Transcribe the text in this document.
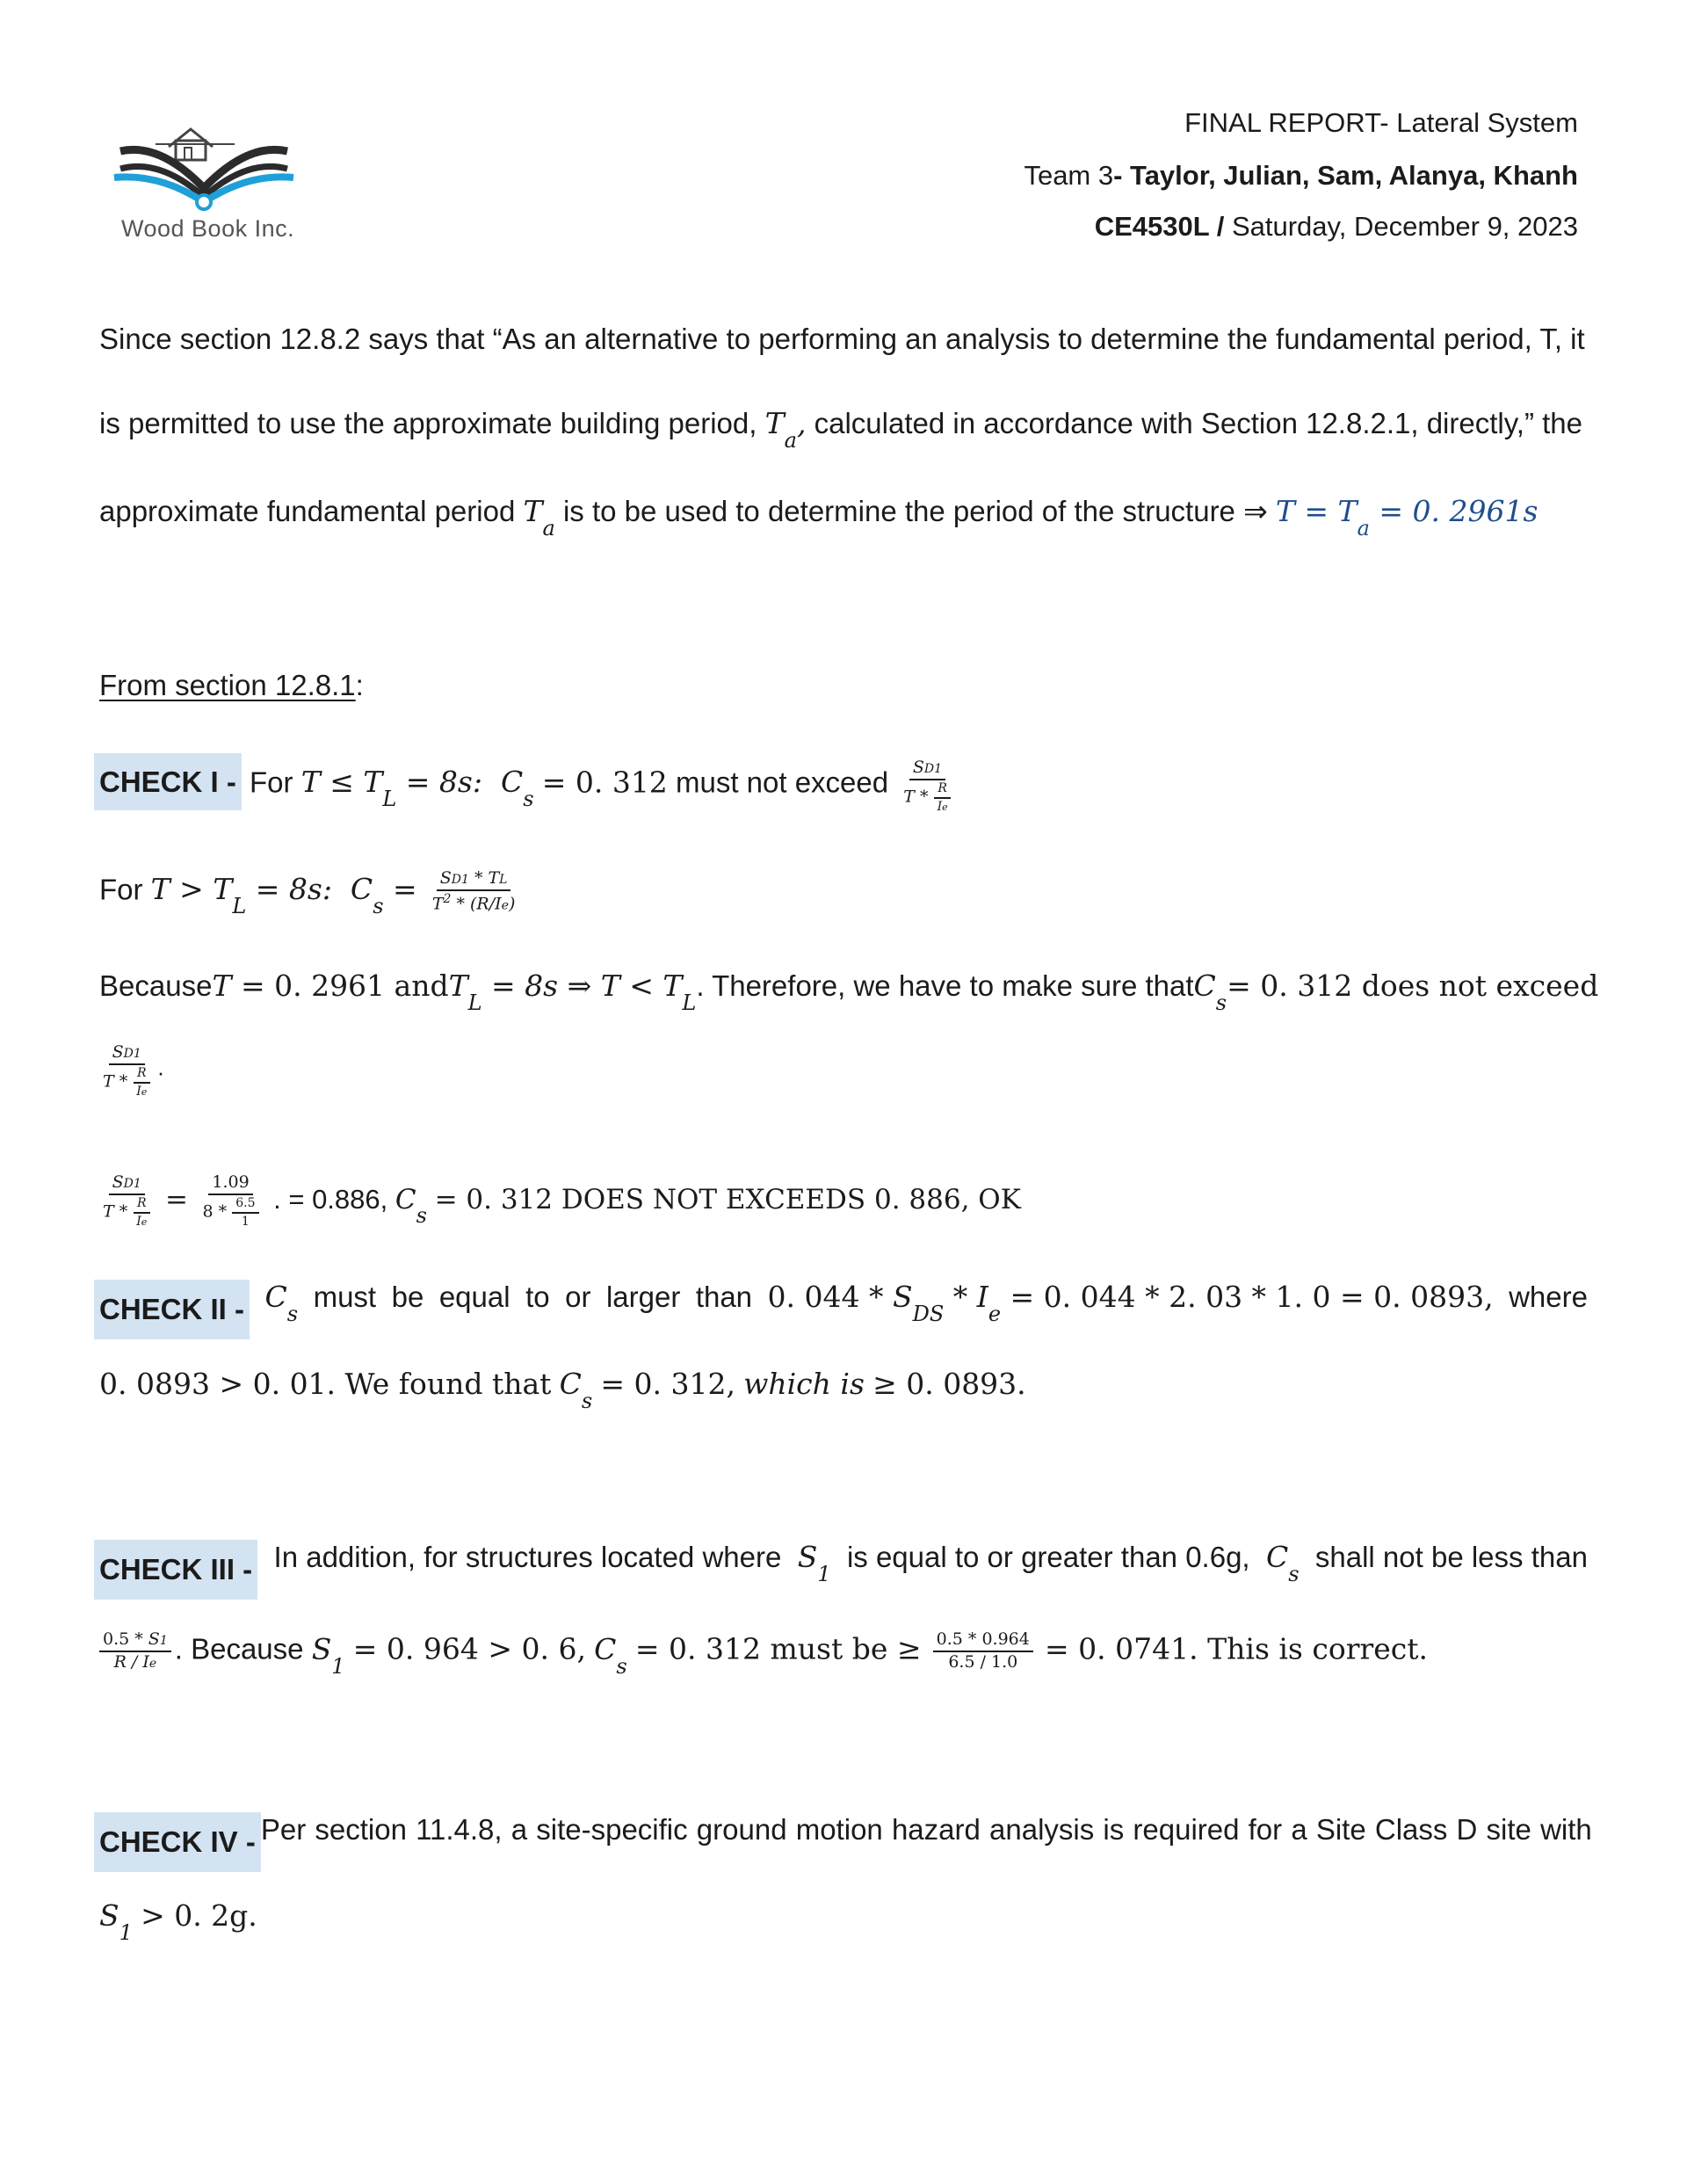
Wood Book Inc.
FINAL REPORT- Lateral System
Team 3- Taylor, Julian, Sam, Alanya, Khanh
CE4530L / Saturday, December 9, 2023
Since section 12.8.2 says that “As an alternative to performing an analysis to determine the fundamental period, T, it
is permitted to use the approximate building period, $T_a$, calculated in accordance with Section 12.8.2.1, directly,” the
approximate fundamental period $T_a$ is to be used to determine the period of the structure ⇒ $T = T_a = 0$. 2961s
From section 12.8.1:
CHECK I - For $T \le T_L = 8s$:  $C_s = 0$. 312 must not exceed $\frac{SD1}{T * \frac{R}{Ie}}$
For $T > T_L = 8s$:  $C_s = \frac{SD1 * TL}{T^2 * (R/Ie)}$
Because T = 0. 2961 and $T_L = 8s$ ⇒ $T < T_L$
. Therefore, we have to make sure that $C_s = 0$. 312 does not exceed
$\frac{SD1}{T * \frac{R}{Ie}}$ .
$\frac{SD1}{T * \frac{R}{Ie}} = \frac{1.09}{8 * \frac{6.5}{1}}$ . = 0.886, $C_s = 0$. 312 DOES NOT EXCEEDS 0. 886, OK
CHECK II - $C_s$
must be equal to or larger than 0. $044 * S_{DS} * I_e = 0$. 044 * 2. 03 * 1. 0 = 0. 0893, where
0. 0893 > 0. 01. We found that $C_s = 0$. 312, which is ≥ 0. 0893.
CHECK III - In addition, for structures located where $S_1$
is equal to or greater than 0.6g, $C_s$
shall not be less than
$\frac{0.5 * S1}{R / Ie}$ . Because $S_1 = 0$. 964 > 0. 6, $C_s = 0$. 312 must be ≥ $\frac{0.5 * 0.964}{6.5 / 1.0} = 0$. 0741. This is correct.
CHECK IV - Per section 11.4.8, a site-specific ground motion hazard analysis is required for a Site Class D site with
$S_1 > 0$. 2g.
